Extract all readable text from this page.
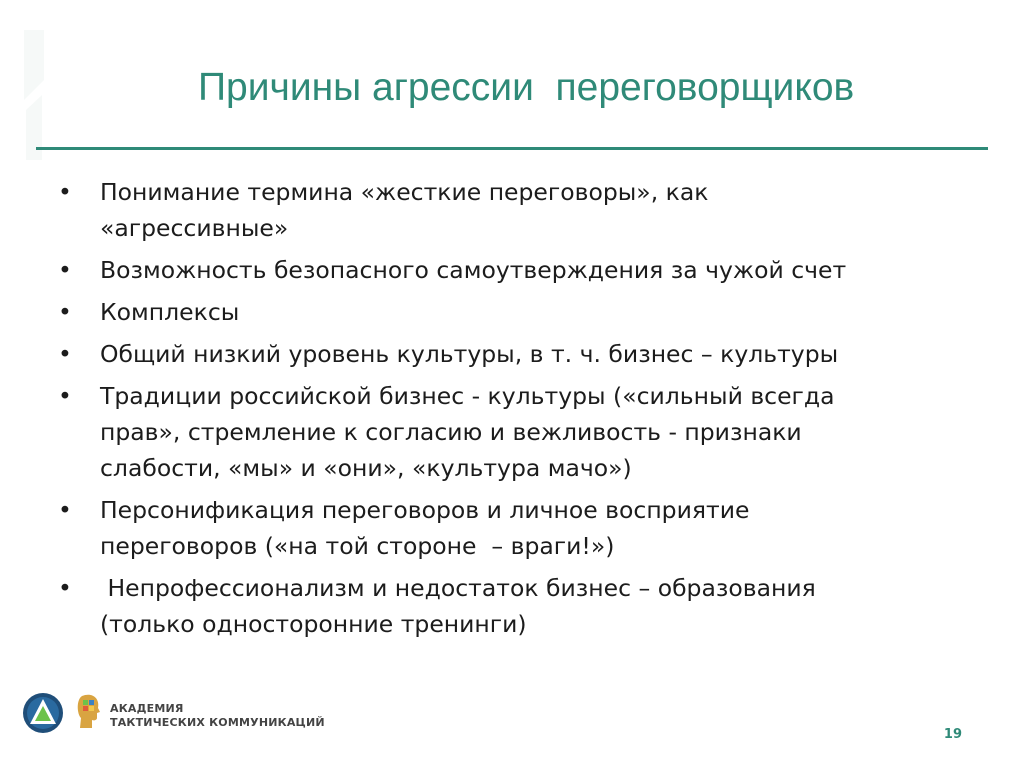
Причины агрессии  переговорщиков
• Понимание термина «жесткие переговоры», как
«агрессивные»
• Возможность безопасного самоутверждения за чужой счет
• Комплексы
• Общий низкий уровень культуры, в т. ч. бизнес – культуры
• Традиции российской бизнес - культуры («сильный всегда
прав», стремление к согласию и вежливость - признаки
слабости, «мы» и «они», «культура мачо»)
• Персонификация переговоров и личное восприятие
переговоров («на той стороне  – враги!»)
• Непрофессионализм и недостаток бизнес – образования
(только односторонние тренинги)
АКАДЕМИЯ
ТАКТИЧЕСКИХ КОММУНИКАЦИЙ
19
